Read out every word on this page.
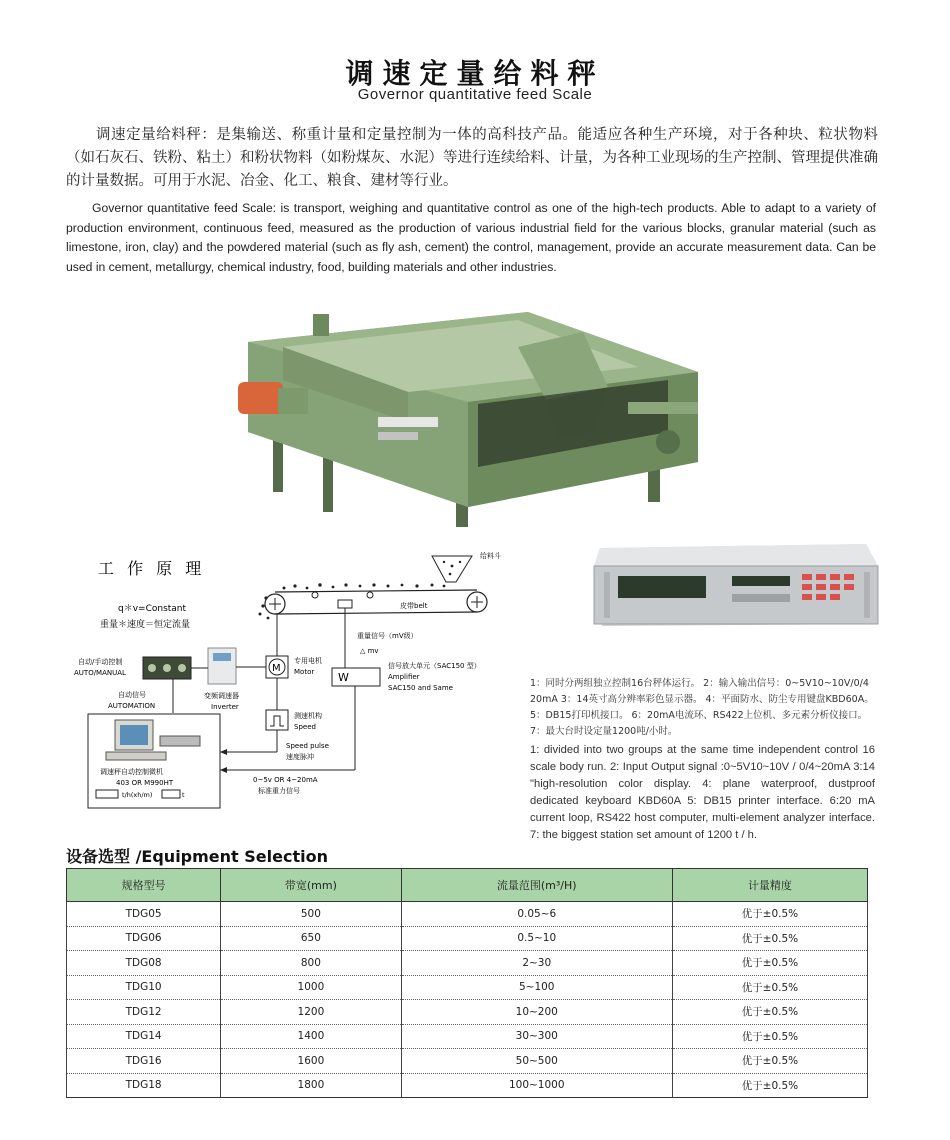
调速定量给料秤
Governor quantitative feed Scale

调速定量给料秤：是集输送、称重计量和定量控制为一体的高科技产品。能适应各种生产环境，对于各种块、粒状物料（如石灰石、铁粉、粘土）和粉状物料（如粉煤灰、水泥）等进行连续给料、计量，为各种工业现场的生产控制、管理提供准确的计量数据。可用于水泥、冶金、化工、粮食、建材等行业。

Governor quantitative feed Scale: is transport, weighing and quantitative control as one of the high-tech products. Able to adapt to a variety of production environment, continuous feed, measured as the production of various industrial field for the various blocks, granular material (such as limestone, iron, clay) and the powdered material (such as fly ash, cement) the control, management, provide an accurate measurement data. Can be used in cement, metallurgy, chemical industry, food, building materials and other industries.

工 作 原 理
q＊v=Constant
重量＊速度＝恒定流量
给料斗
皮带belt
重量信号（mV级）
△ mv
W
信号放大单元（SAC150 型）
Amplifier
SAC150 and Same
0~5v OR 4~20mA
标准重力信号
M
专用电机
Motor
测速机构
Speed
Speed pulse
速度脉冲
自动/手动控制
AUTO/MANUAL
变频调速器
Inverter
自动信号
AUTOMATION
调速秤自动控制微机
403 OR M990HT
t/h(xh/m)	t

1：同时分两组独立控制16台秤体运行。 2：输入输出信号：0~5V10~10V/0/4 20mA 3：14英寸高分辨率彩色显示器。 4：平面防水、防尘专用键盘KBD60A。 5：DB15打印机接口。 6：20mA电流环、RS422上位机、多元素分析仪接口。 7：最大台时设定量1200吨/小时。

1: divided into two groups at the same time independent control 16 scale body run. 2: Input Output signal :0~5V10~10V / 0/4~20mA 3:14 "high-resolution color display. 4: plane waterproof, dustproof dedicated keyboard KBD60A 5: DB15 printer interface. 6:20 mA current loop, RS422 host computer, multi-element analyzer interface. 7: the biggest station set amount of 1200 t / h.

设备选型 /Equipment Selection
规格型号	带宽(mm)	流量范围(m³/H)	计量精度
TDG05	500	0.05~6	优于±0.5%
TDG06	650	0.5~10	优于±0.5%
TDG08	800	2~30	优于±0.5%
TDG10	1000	5~100	优于±0.5%
TDG12	1200	10~200	优于±0.5%
TDG14	1400	30~300	优于±0.5%
TDG16	1600	50~500	优于±0.5%
TDG18	1800	100~1000	优于±0.5%
